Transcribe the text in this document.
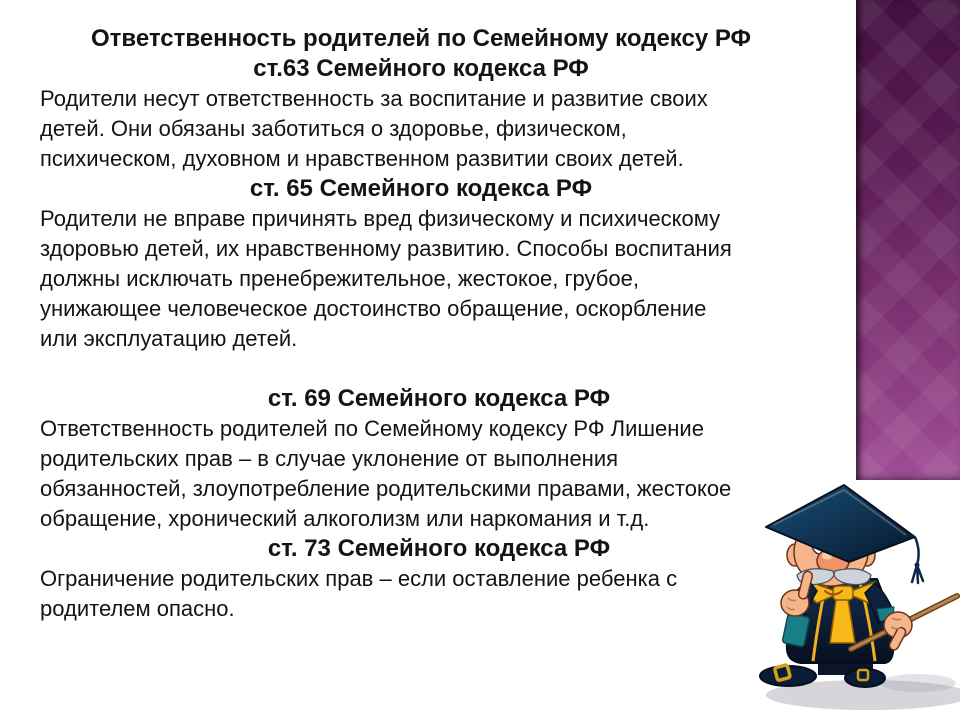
Ответственность родителей по Семейному кодексу РФ
ст.63 Семейного кодекса РФ
Родители несут ответственность за воспитание и развитие своих
детей. Они обязаны заботиться о здоровье, физическом,
психическом, духовном и нравственном развитии своих детей.
ст. 65 Семейного кодекса РФ
Родители не вправе причинять вред физическому и психическому
здоровью детей, их нравственному развитию. Способы воспитания
должны исключать пренебрежительное, жестокое, грубое,
унижающее человеческое достоинство обращение, оскорбление
или эксплуатацию детей.
ст. 69 Семейного кодекса РФ
Ответственность родителей по Семейному кодексу РФ Лишение
родительских прав – в случае уклонение от выполнения
обязанностей, злоупотребление родительскими правами, жестокое
обращение, хронический алкоголизм или наркомания и т.д.
ст. 73 Семейного кодекса РФ
Ограничение родительских прав – если оставление ребенка с
родителем опасно.
